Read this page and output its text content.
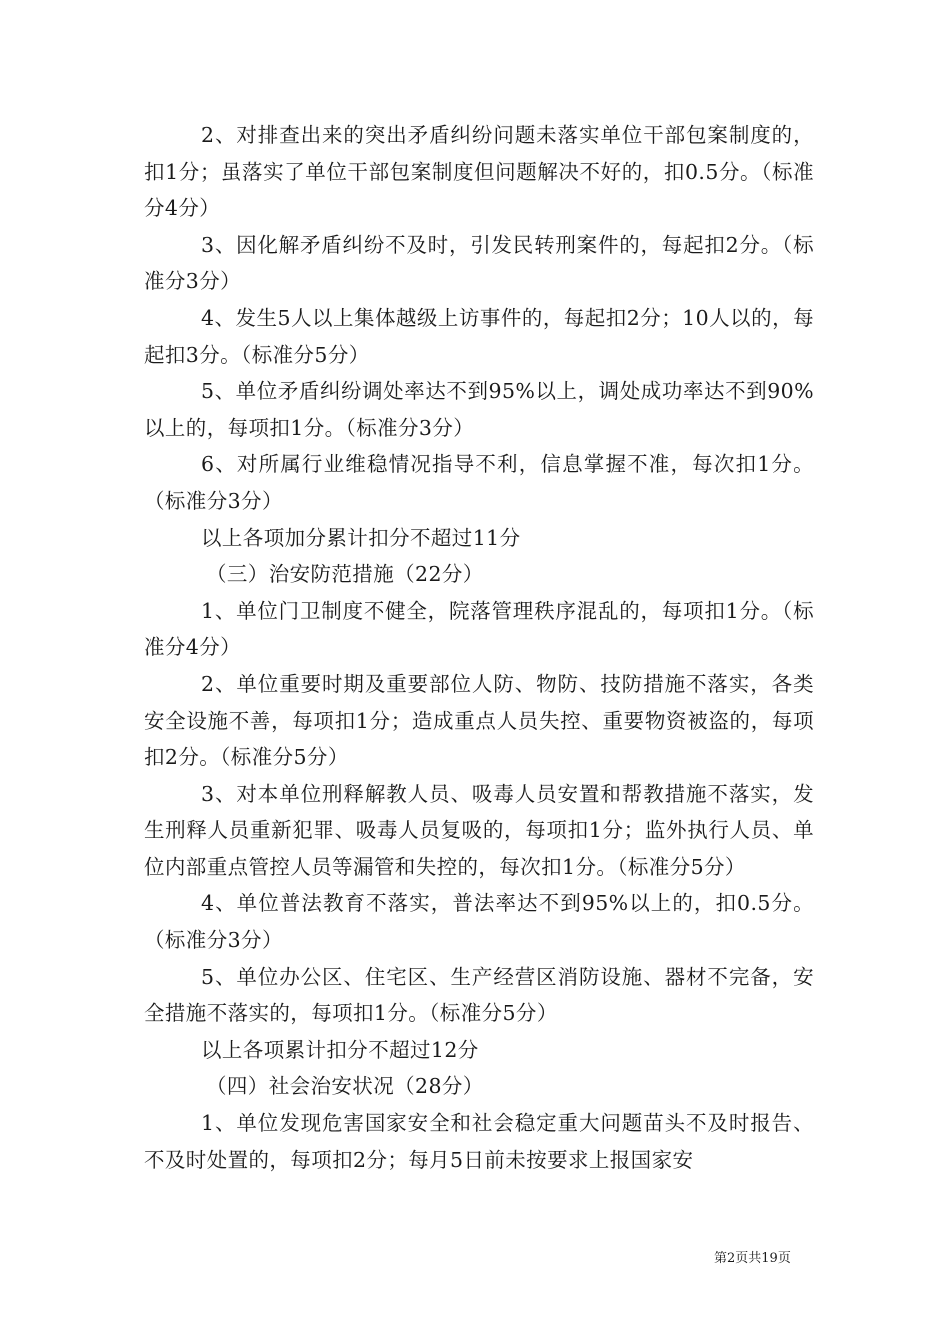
2、对排查出来的突出矛盾纠纷问题未落实单位干部包案制度的，扣1分；虽落实了单位干部包案制度但问题解决不好的，扣0.5分。（标准分4分）

3、因化解矛盾纠纷不及时，引发民转刑案件的，每起扣2分。（标准分3分）

4、发生5人以上集体越级上访事件的，每起扣2分；10人以的，每起扣3分。（标准分5分）

5、单位矛盾纠纷调处率达不到95%以上，调处成功率达不到90%以上的，每项扣1分。（标准分3分）

6、对所属行业维稳情况指导不利，信息掌握不准，每次扣1分。（标准分3分）

以上各项加分累计扣分不超过11分

（三）治安防范措施（22分）

1、单位门卫制度不健全，院落管理秩序混乱的，每项扣1分。（标准分4分）

2、单位重要时期及重要部位人防、物防、技防措施不落实，各类安全设施不善，每项扣1分；造成重点人员失控、重要物资被盗的，每项扣2分。（标准分5分）

3、对本单位刑释解教人员、吸毒人员安置和帮教措施不落实，发生刑释人员重新犯罪、吸毒人员复吸的，每项扣1分；监外执行人员、单位内部重点管控人员等漏管和失控的，每次扣1分。（标准分5分）

4、单位普法教育不落实，普法率达不到95%以上的，扣0.5分。（标准分3分）

5、单位办公区、住宅区、生产经营区消防设施、器材不完备，安全措施不落实的，每项扣1分。（标准分5分）

以上各项累计扣分不超过12分

（四）社会治安状况（28分）

1、单位发现危害国家安全和社会稳定重大问题苗头不及时报告、不及时处置的，每项扣2分；每月5日前未按要求上报国家安

第2页共19页
